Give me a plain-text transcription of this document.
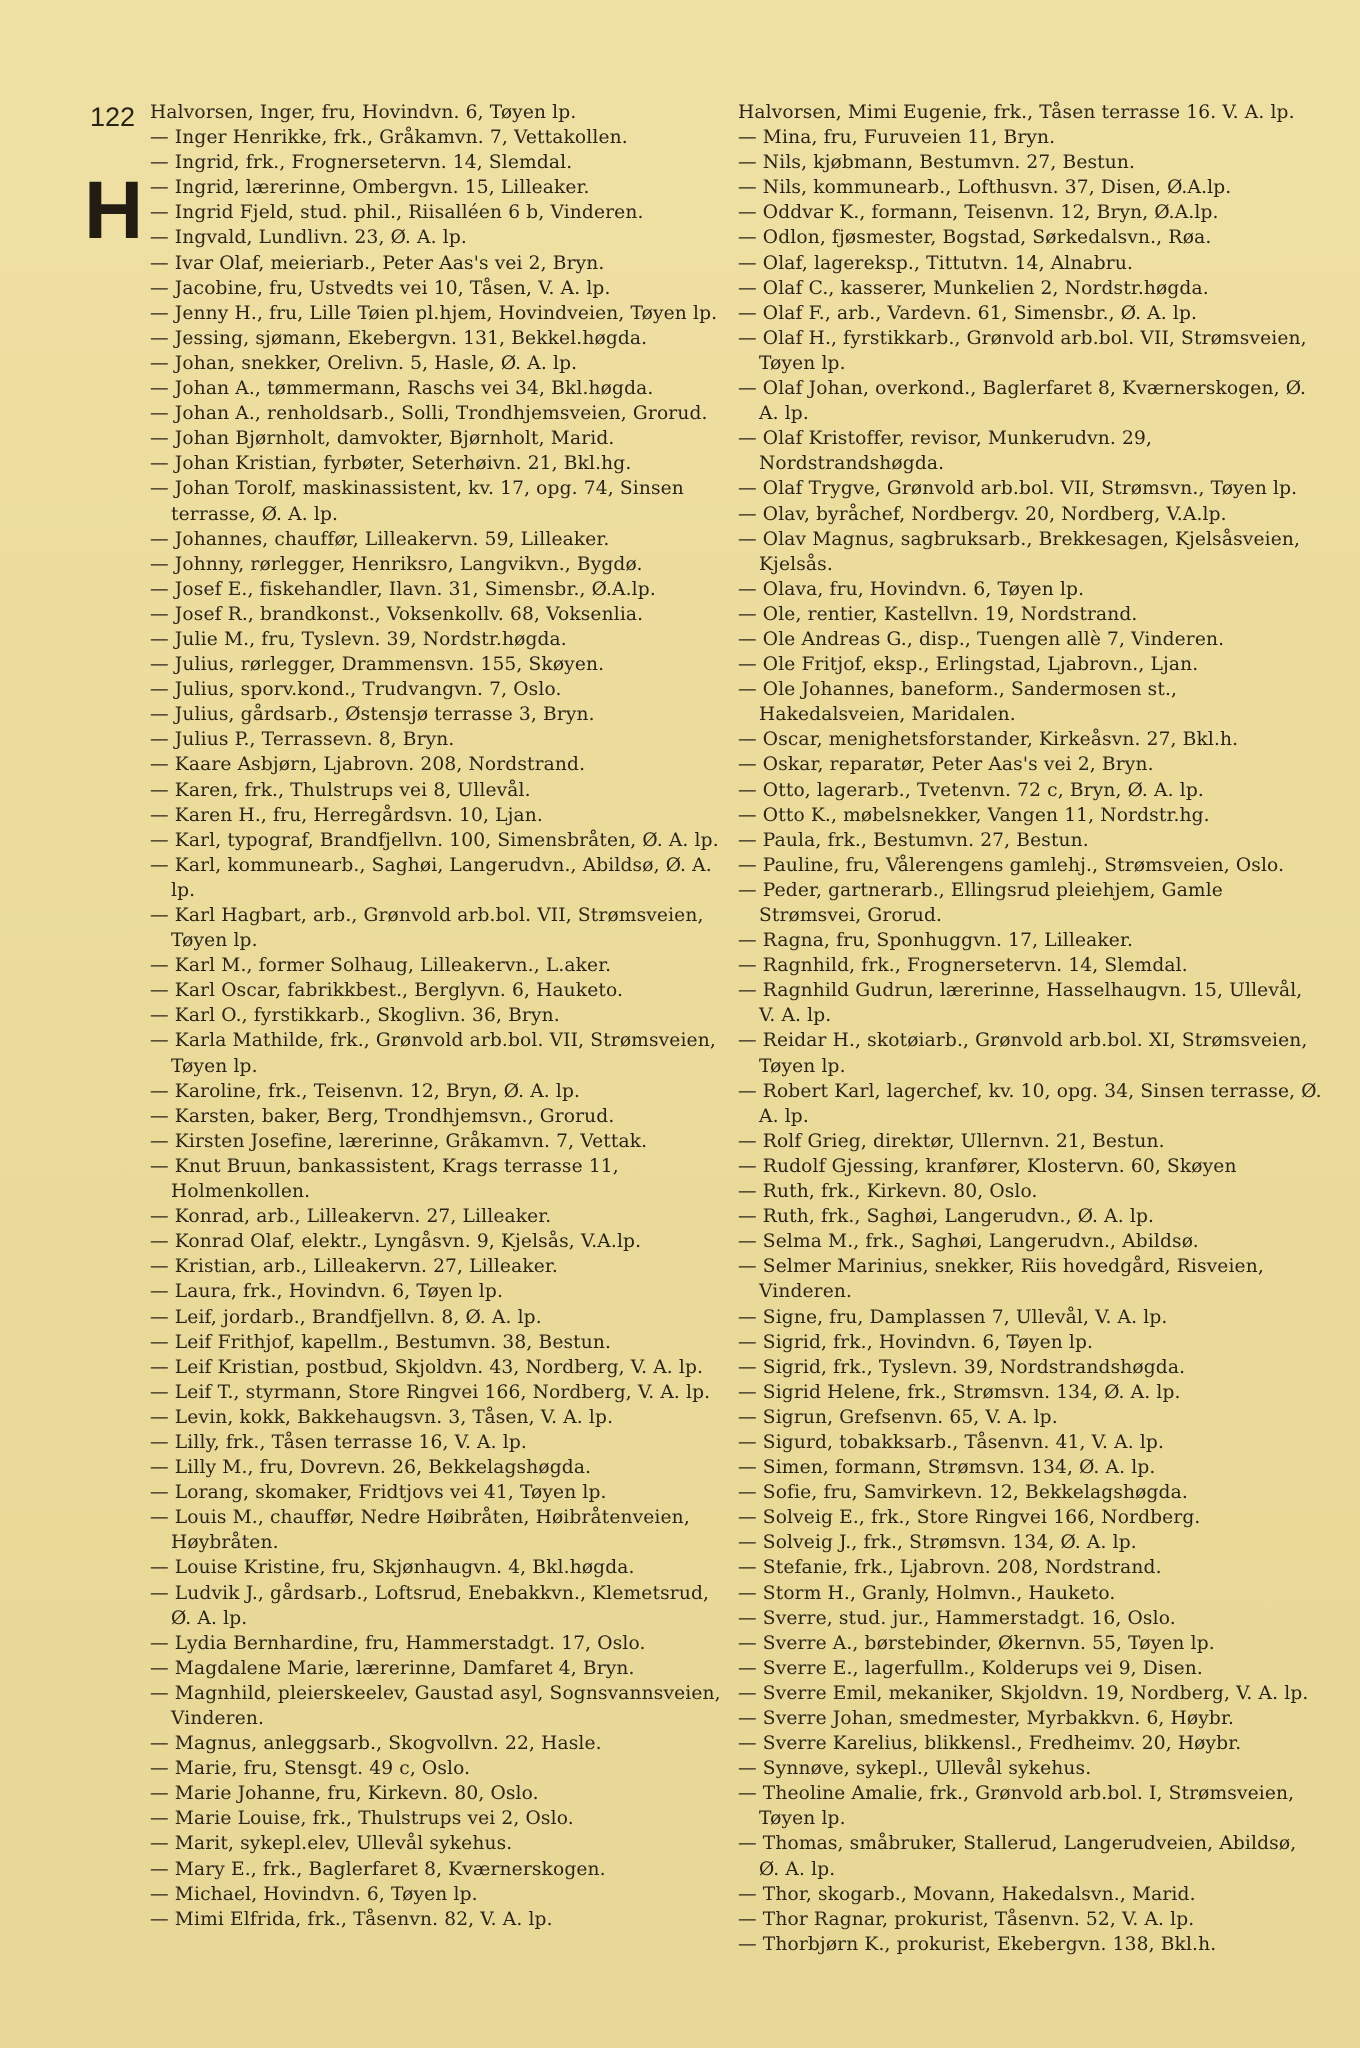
122
H

Halvorsen, Inger, fru, Hovindvn. 6, Tøyen lp.

— Inger Henrikke, frk., Gråkamvn. 7, Vettakollen.

— Ingrid, frk., Frognersetervn. 14, Slemdal.

— Ingrid, lærerinne, Ombergvn. 15, Lilleaker.

— Ingrid Fjeld, stud. phil., Riisalléen 6 b, Vinderen.

— Ingvald, Lundlivn. 23, Ø. A. lp.

— Ivar Olaf, meieriarb., Peter Aas's vei 2, Bryn.

— Jacobine, fru, Ustvedts vei 10, Tåsen, V. A. lp.

— Jenny H., fru, Lille Tøien pl.hjem, Hovindveien, Tøyen lp.

— Jessing, sjømann, Ekebergvn. 131, Bekkel.høgda.

— Johan, snekker, Orelivn. 5, Hasle, Ø. A. lp.

— Johan A., tømmermann, Raschs vei 34, Bkl.høgda.

— Johan A., renholdsarb., Solli, Trondhjemsveien, Grorud.

— Johan Bjørnholt, damvokter, Bjørnholt, Marid.

— Johan Kristian, fyrbøter, Seterhøivn. 21, Bkl.hg.

— Johan Torolf, maskinassistent, kv. 17, opg. 74, Sinsen terrasse, Ø. A. lp.

— Johannes, chauffør, Lilleakervn. 59, Lilleaker.

— Johnny, rørlegger, Henriksro, Langvikvn., Bygdø.

— Josef E., fiskehandler, Ilavn. 31, Simensbr., Ø.A.lp.

— Josef R., brandkonst., Voksenkollv. 68, Voksenlia.

— Julie M., fru, Tyslevn. 39, Nordstr.høgda.

— Julius, rørlegger, Drammensvn. 155, Skøyen.

— Julius, sporv.kond., Trudvangvn. 7, Oslo.

— Julius, gårdsarb., Østensjø terrasse 3, Bryn.

— Julius P., Terrassevn. 8, Bryn.

— Kaare Asbjørn, Ljabrovn. 208, Nordstrand.

— Karen, frk., Thulstrups vei 8, Ullevål.

— Karen H., fru, Herregårdsvn. 10, Ljan.

— Karl, typograf, Brandfjellvn. 100, Simensbråten, Ø. A. lp.

— Karl, kommunearb., Saghøi, Langerudvn., Abildsø, Ø. A. lp.

— Karl Hagbart, arb., Grønvold arb.bol. VII, Strømsveien, Tøyen lp.

— Karl M., former Solhaug, Lilleakervn., L.aker.

— Karl Oscar, fabrikkbest., Berglyvn. 6, Hauketo.

— Karl O., fyrstikkarb., Skoglivn. 36, Bryn.

— Karla Mathilde, frk., Grønvold arb.bol. VII, Strømsveien, Tøyen lp.

— Karoline, frk., Teisenvn. 12, Bryn, Ø. A. lp.

— Karsten, baker, Berg, Trondhjemsvn., Grorud.

— Kirsten Josefine, lærerinne, Gråkamvn. 7, Vettak.

— Knut Bruun, bankassistent, Krags terrasse 11, Holmenkollen.

— Konrad, arb., Lilleakervn. 27, Lilleaker.

— Konrad Olaf, elektr., Lyngåsvn. 9, Kjelsås, V.A.lp.

— Kristian, arb., Lilleakervn. 27, Lilleaker.

— Laura, frk., Hovindvn. 6, Tøyen lp.

— Leif, jordarb., Brandfjellvn. 8, Ø. A. lp.

— Leif Frithjof, kapellm., Bestumvn. 38, Bestun.

— Leif Kristian, postbud, Skjoldvn. 43, Nordberg, V. A. lp.

— Leif T., styrmann, Store Ringvei 166, Nordberg, V. A. lp.

— Levin, kokk, Bakkehaugsvn. 3, Tåsen, V. A. lp.

— Lilly, frk., Tåsen terrasse 16, V. A. lp.

— Lilly M., fru, Dovrevn. 26, Bekkelagshøgda.

— Lorang, skomaker, Fridtjovs vei 41, Tøyen lp.

— Louis M., chauffør, Nedre Høibråten, Høibråtenveien, Høybråten.

— Louise Kristine, fru, Skjønhaugvn. 4, Bkl.høgda.

— Ludvik J., gårdsarb., Loftsrud, Enebakkvn., Klemetsrud, Ø. A. lp.

— Lydia Bernhardine, fru, Hammerstadgt. 17, Oslo.

— Magdalene Marie, lærerinne, Damfaret 4, Bryn.

— Magnhild, pleierskeelev, Gaustad asyl, Sognsvannsveien, Vinderen.

— Magnus, anleggsarb., Skogvollvn. 22, Hasle.

— Marie, fru, Stensgt. 49 c, Oslo.

— Marie Johanne, fru, Kirkevn. 80, Oslo.

— Marie Louise, frk., Thulstrups vei 2, Oslo.

— Marit, sykepl.elev, Ullevål sykehus.

— Mary E., frk., Baglerfaret 8, Kværnerskogen.

— Michael, Hovindvn. 6, Tøyen lp.

— Mimi Elfrida, frk., Tåsenvn. 82, V. A. lp.

Halvorsen, Mimi Eugenie, frk., Tåsen terrasse 16. V. A. lp.

— Mina, fru, Furuveien 11, Bryn.

— Nils, kjøbmann, Bestumvn. 27, Bestun.

— Nils, kommunearb., Lofthusvn. 37, Disen, Ø.A.lp.

— Oddvar K., formann, Teisenvn. 12, Bryn, Ø.A.lp.

— Odlon, fjøsmester, Bogstad, Sørkedalsvn., Røa.

— Olaf, lagereksp., Tittutvn. 14, Alnabru.

— Olaf C., kasserer, Munkelien 2, Nordstr.høgda.

— Olaf F., arb., Vardevn. 61, Simensbr., Ø. A. lp.

— Olaf H., fyrstikkarb., Grønvold arb.bol. VII, Strømsveien, Tøyen lp.

— Olaf Johan, overkond., Baglerfaret 8, Kværnerskogen, Ø. A. lp.

— Olaf Kristoffer, revisor, Munkerudvn. 29, Nordstrandshøgda.

— Olaf Trygve, Grønvold arb.bol. VII, Strømsvn., Tøyen lp.

— Olav, byråchef, Nordbergv. 20, Nordberg, V.A.lp.

— Olav Magnus, sagbruksarb., Brekkesagen, Kjelsåsveien, Kjelsås.

— Olava, fru, Hovindvn. 6, Tøyen lp.

— Ole, rentier, Kastellvn. 19, Nordstrand.

— Ole Andreas G., disp., Tuengen allè 7, Vinderen.

— Ole Fritjof, eksp., Erlingstad, Ljabrovn., Ljan.

— Ole Johannes, baneform., Sandermosen st., Hakedalsveien, Maridalen.

— Oscar, menighetsforstander, Kirkeåsvn. 27, Bkl.h.

— Oskar, reparatør, Peter Aas's vei 2, Bryn.

— Otto, lagerarb., Tvetenvn. 72 c, Bryn, Ø. A. lp.

— Otto K., møbelsnekker, Vangen 11, Nordstr.hg.

— Paula, frk., Bestumvn. 27, Bestun.

— Pauline, fru, Vålerengens gamlehj., Strømsveien, Oslo.

— Peder, gartnerarb., Ellingsrud pleiehjem, Gamle Strømsvei, Grorud.

— Ragna, fru, Sponhuggvn. 17, Lilleaker.

— Ragnhild, frk., Frognersetervn. 14, Slemdal.

— Ragnhild Gudrun, lærerinne, Hasselhaugvn. 15, Ullevål, V. A. lp.

— Reidar H., skotøiarb., Grønvold arb.bol. XI, Strømsveien, Tøyen lp.

— Robert Karl, lagerchef, kv. 10, opg. 34, Sinsen terrasse, Ø. A. lp.

— Rolf Grieg, direktør, Ullernvn. 21, Bestun.

— Rudolf Gjessing, kranfører, Klostervn. 60, Skøyen

— Ruth, frk., Kirkevn. 80, Oslo.

— Ruth, frk., Saghøi, Langerudvn., Ø. A. lp.

— Selma M., frk., Saghøi, Langerudvn., Abildsø.

— Selmer Marinius, snekker, Riis hovedgård, Risveien, Vinderen.

— Signe, fru, Damplassen 7, Ullevål, V. A. lp.

— Sigrid, frk., Hovindvn. 6, Tøyen lp.

— Sigrid, frk., Tyslevn. 39, Nordstrandshøgda.

— Sigrid Helene, frk., Strømsvn. 134, Ø. A. lp.

— Sigrun, Grefsenvn. 65, V. A. lp.

— Sigurd, tobakksarb., Tåsenvn. 41, V. A. lp.

— Simen, formann, Strømsvn. 134, Ø. A. lp.

— Sofie, fru, Samvirkevn. 12, Bekkelagshøgda.

— Solveig E., frk., Store Ringvei 166, Nordberg.

— Solveig J., frk., Strømsvn. 134, Ø. A. lp.

— Stefanie, frk., Ljabrovn. 208, Nordstrand.

— Storm H., Granly, Holmvn., Hauketo.

— Sverre, stud. jur., Hammerstadgt. 16, Oslo.

— Sverre A., børstebinder, Økernvn. 55, Tøyen lp.

— Sverre E., lagerfullm., Kolderups vei 9, Disen.

— Sverre Emil, mekaniker, Skjoldvn. 19, Nordberg, V. A. lp.

— Sverre Johan, smedmester, Myrbakkvn. 6, Høybr.

— Sverre Karelius, blikkensl., Fredheimv. 20, Høybr.

— Synnøve, sykepl., Ullevål sykehus.

— Theoline Amalie, frk., Grønvold arb.bol. I, Strømsveien, Tøyen lp.

— Thomas, småbruker, Stallerud, Langerudveien, Abildsø, Ø. A. lp.

— Thor, skogarb., Movann, Hakedalsvn., Marid.

— Thor Ragnar, prokurist, Tåsenvn. 52, V. A. lp.

— Thorbjørn K., prokurist, Ekebergvn. 138, Bkl.h.
